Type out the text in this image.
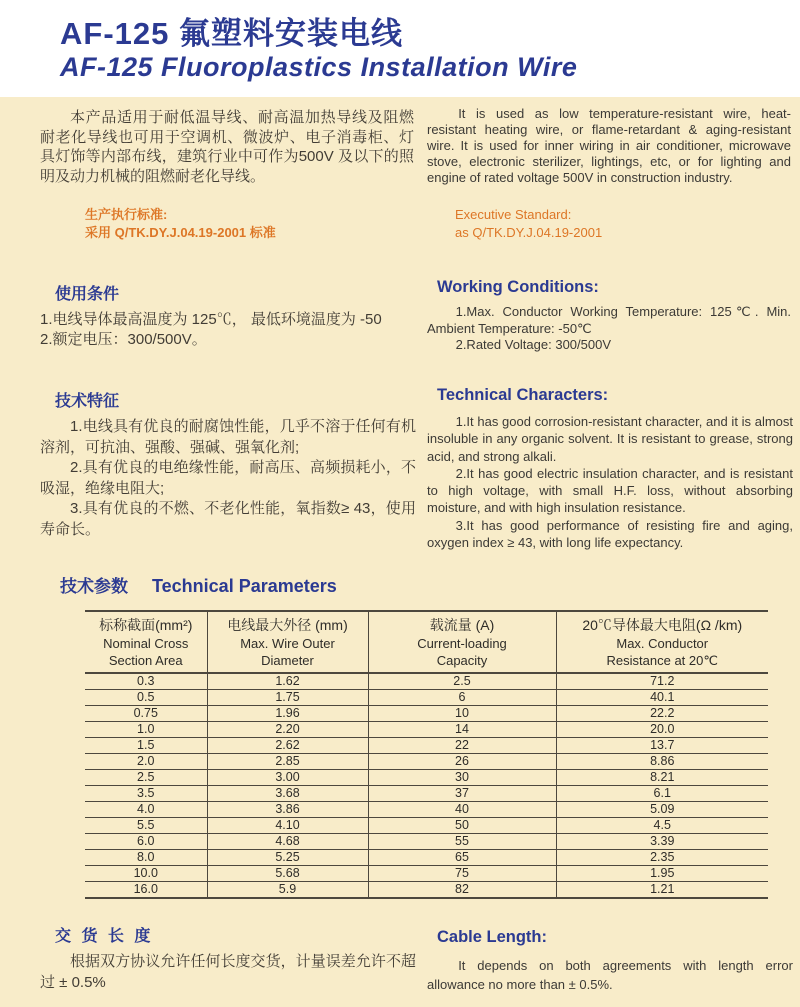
AF-125 氟塑料安装电线
AF-125 Fluoroplastics Installation Wire

本产品适用于耐低温导线、耐高温加热导线及阻燃耐老化导线也可用于空调机、微波炉、电子消毒柜、灯具灯饰等内部布线，建筑行业中可作为500V 及以下的照明及动力机械的阻燃耐老化导线。

It is used as low temperature-resistant wire, heat-resistant heating wire, or flame-retardant & aging-resistant wire. It is used for inner wiring in air conditioner, microwave stove, electronic sterilizer, lightings, etc, or for lighting and engine of rated voltage 500V in construction industry.

生产执行标准:
采用 Q/TK.DY.J.04.19-2001 标准
Executive Standard:
as Q/TK.DY.J.04.19-2001
使用条件

1.电线导体最高温度为 125℃， 最低环境温度为 -50

2.额定电压：300/500V。

Working Conditions:

1.Max. Conductor Working Temperature: 125℃. Min. Ambient Temperature: -50℃

2.Rated Voltage: 300/500V

技术特征

1.电线具有优良的耐腐蚀性能，几乎不溶于任何有机溶剂，可抗油、强酸、强碱、强氧化剂;

2.具有优良的电绝缘性能，耐高压、高频损耗小，不吸湿，绝缘电阻大;

3.具有优良的不燃、不老化性能，氧指数≥ 43，使用寿命长。

Technical Characters:

1.It has good corrosion-resistant character, and it is almost insoluble in any organic solvent. It is resistant to grease, strong acid, and strong alkali.

2.It has good electric insulation character, and is resistant to high voltage, with small H.F. loss, without absorbing moisture, and with high insulation resistance.

3.It has good performance of resisting fire and aging, oxygen index ≥ 43, with long life expectancy.

技术参数 Technical Parameters
标称截面(mm²)
Nominal Cross
Section Area

电线最大外径 (mm)
Max. Wire Outer
Diameter

载流量 (A)
Current-loading
Capacity

20℃导体最大电阻(Ω /km)
Max. Conductor
Resistance at 20℃

0.3	1.62	2.5	71.2
0.5	1.75	6	40.1
0.75	1.96	10	22.2
1.0	2.20	14	20.0
1.5	2.62	22	13.7
2.0	2.85	26	8.86
2.5	3.00	30	8.21
3.5	3.68	37	6.1
4.0	3.86	40	5.09
5.5	4.10	50	4.5
6.0	4.68	55	3.39
8.0	5.25	65	2.35
10.0	5.68	75	1.95
16.0	5.9	82	1.21
交 货 长 度

根据双方协议允许任何长度交货，计量误差允许不超过 ± 0.5%

Cable Length:

It depends on both agreements with length error allowance no more than ± 0.5%.
